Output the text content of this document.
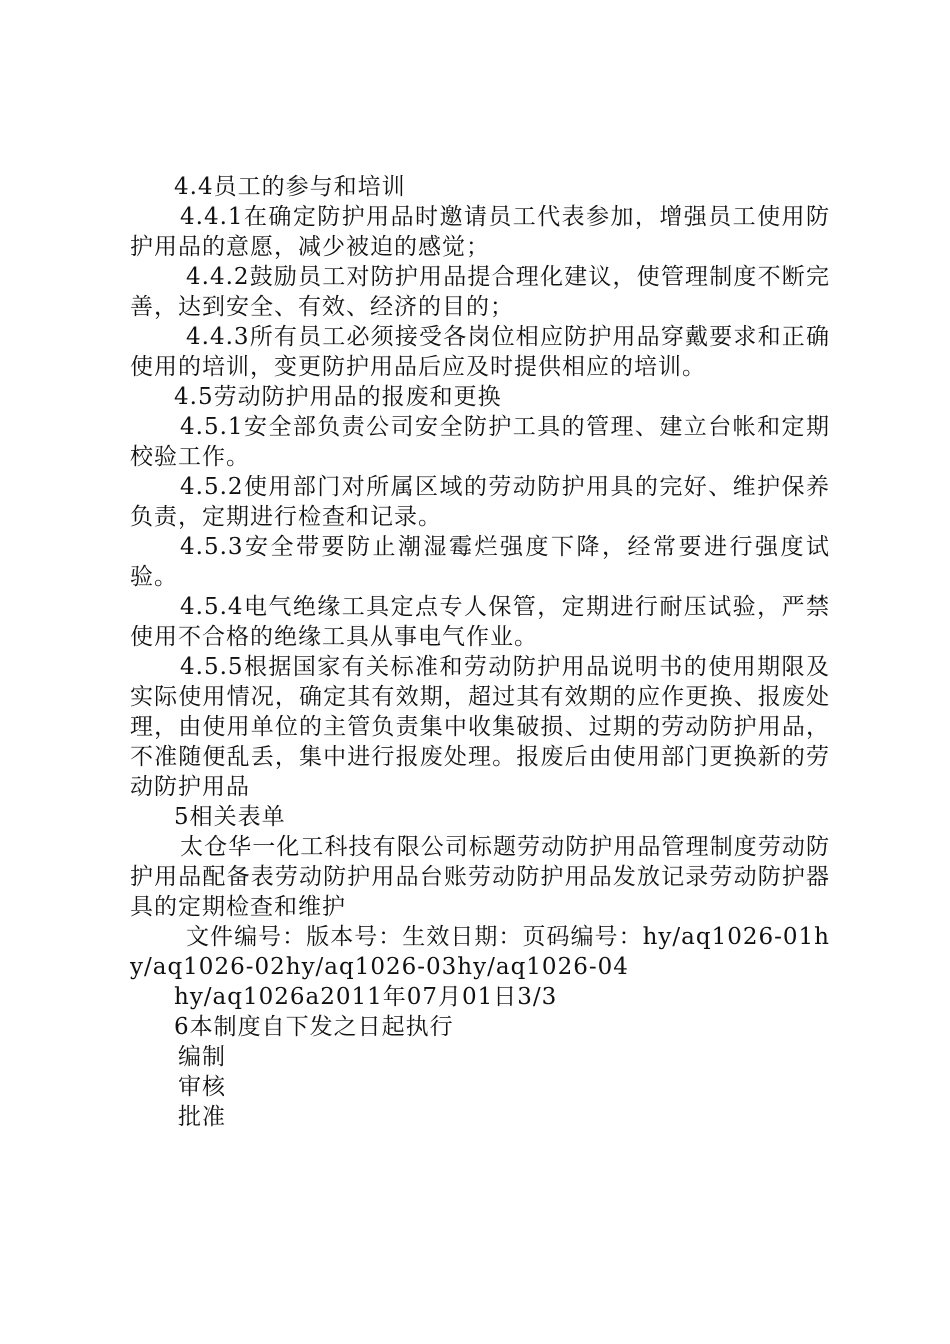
4.4员工的参与和培训

4.4.1在确定防护用品时邀请员工代表参加，增强员工使用防护用品的意愿，减少被迫的感觉；

4.4.2鼓励员工对防护用品提合理化建议，使管理制度不断完善，达到安全、有效、经济的目的；

4.4.3所有员工必须接受各岗位相应防护用品穿戴要求和正确使用的培训，变更防护用品后应及时提供相应的培训。

4.5劳动防护用品的报废和更换

4.5.1安全部负责公司安全防护工具的管理、建立台帐和定期校验工作。

4.5.2使用部门对所属区域的劳动防护用具的完好、维护保养负责，定期进行检查和记录。

4.5.3安全带要防止潮湿霉烂强度下降，经常要进行强度试验。

4.5.4电气绝缘工具定点专人保管，定期进行耐压试验，严禁使用不合格的绝缘工具从事电气作业。

4.5.5根据国家有关标准和劳动防护用品说明书的使用期限及实际使用情况，确定其有效期，超过其有效期的应作更换、报废处理，由使用单位的主管负责集中收集破损、过期的劳动防护用品，不准随便乱丢，集中进行报废处理。报废后由使用部门更换新的劳动防护用品

5相关表单

太仓华一化工科技有限公司标题劳动防护用品管理制度劳动防护用品配备表劳动防护用品台账劳动防护用品发放记录劳动防护器具的定期检查和维护

文件编号：版本号：生效日期：页码编号：hy/aq1026-01hy/aq1026-02hy/aq1026-03hy/aq1026-04

hy/aq1026a2011年07月01日3/3

6本制度自下发之日起执行

编制

审核

批准
